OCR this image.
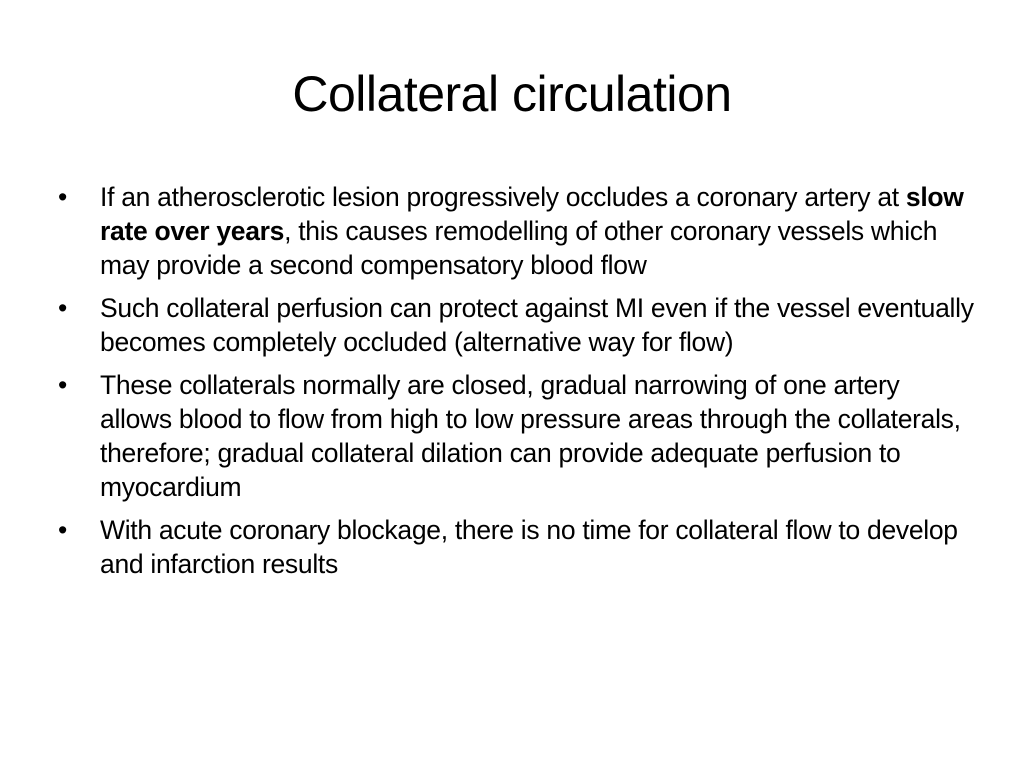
Collateral circulation
•	If an atherosclerotic lesion progressively occludes a coronary artery at slow rate over years, this causes remodelling of other coronary vessels which may provide a second compensatory blood flow
•	Such collateral perfusion can protect against MI even if the vessel eventually becomes completely occluded (alternative way for flow)
•	These collaterals normally are closed, gradual narrowing of one artery allows blood to flow from high to low pressure areas through the collaterals, therefore; gradual collateral dilation can provide adequate perfusion to myocardium
•	With acute coronary blockage, there is no time for collateral flow to develop and infarction results
